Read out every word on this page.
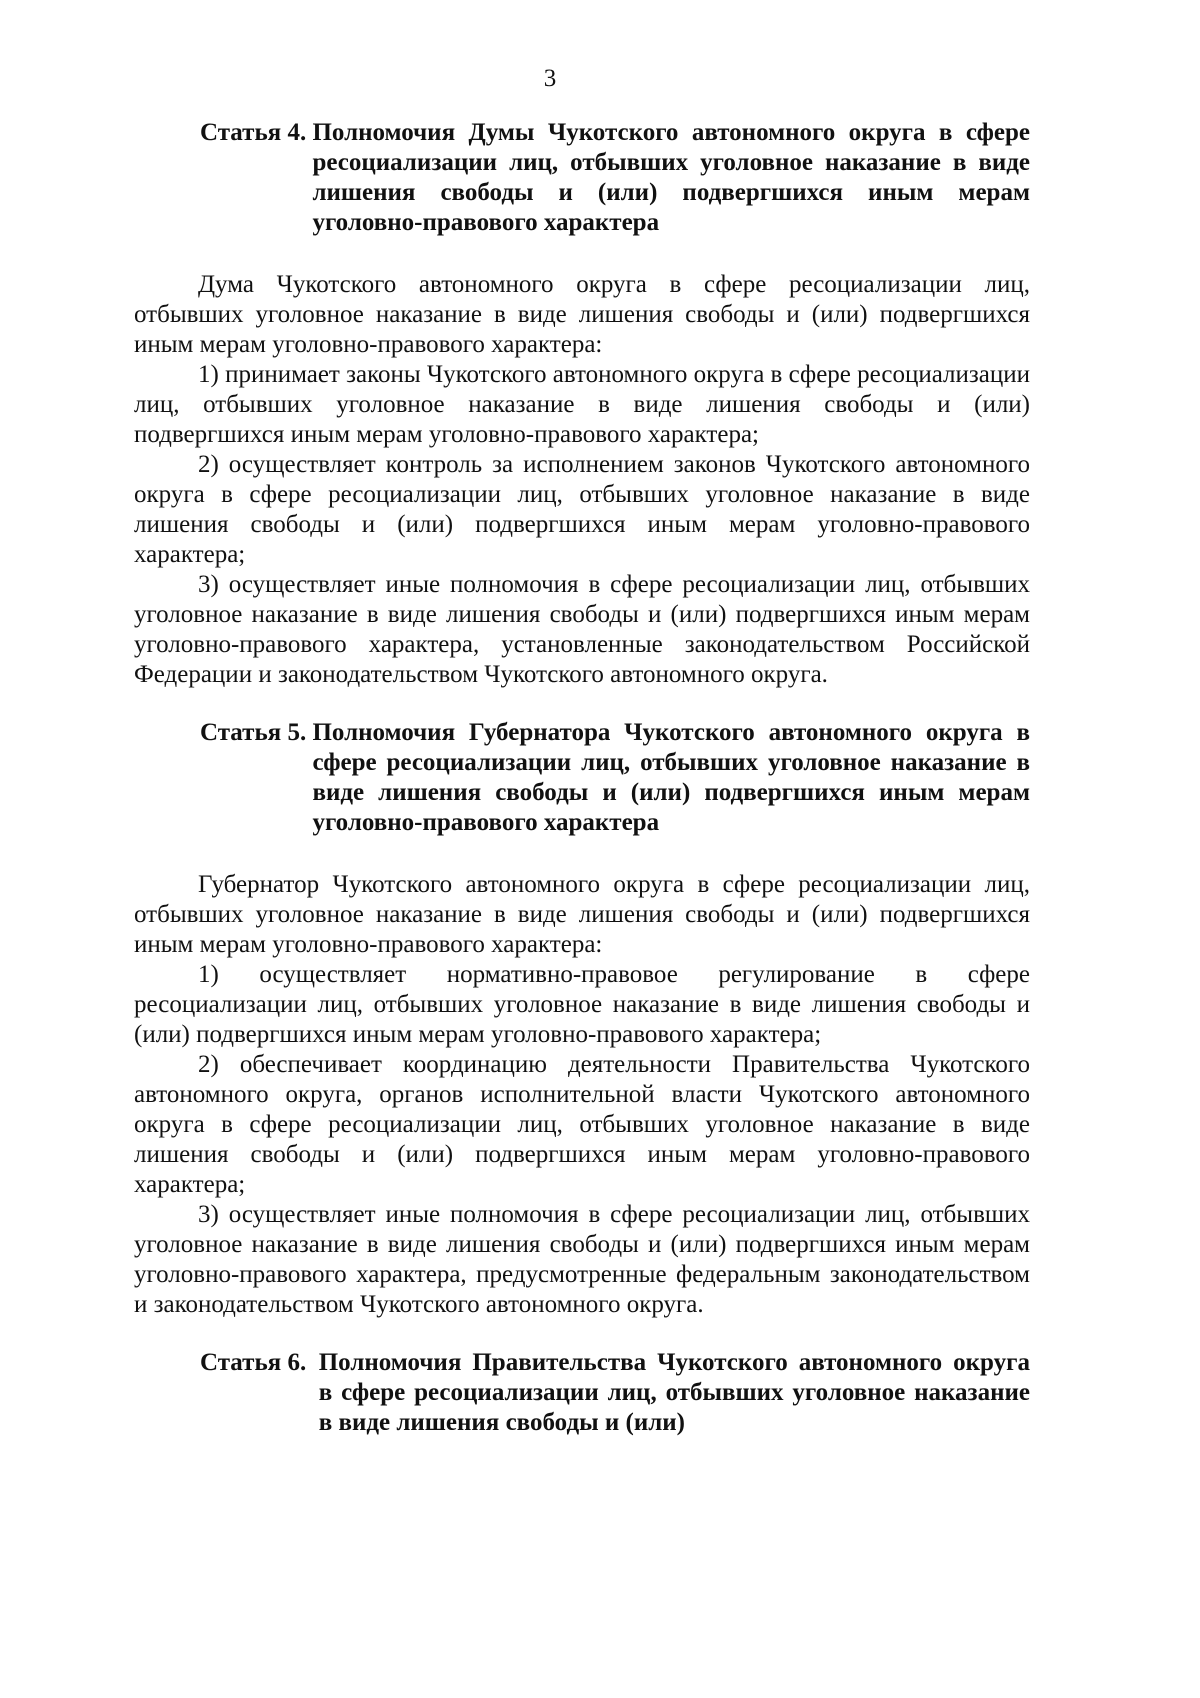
3
Статья 4.
Полномочия Думы Чукотского автономного округа в сфере ресоциализации лиц, отбывших уголовное наказание в виде лишения свободы и (или) подвергшихся иным мерам уголовно-правового характера

Дума Чукотского автономного округа в сфере ресоциализации лиц, отбывших уголовное наказание в виде лишения свободы и (или) подвергшихся иным мерам уголовно-правового характера:

1) принимает законы Чукотского автономного округа в сфере ресоциализации лиц, отбывших уголовное наказание в виде лишения свободы и (или) подвергшихся иным мерам уголовно-правового характера;

2) осуществляет контроль за исполнением законов Чукотского автономного округа в сфере ресоциализации лиц, отбывших уголовное наказание в виде лишения свободы и (или) подвергшихся иным мерам уголовно-правового характера;

3) осуществляет иные полномочия в сфере ресоциализации лиц, отбывших уголовное наказание в виде лишения свободы и (или) подвергшихся иным мерам уголовно-правового характера, установленные законодательством Российской Федерации и законодательством Чукотского автономного округа.

Статья 5.
Полномочия Губернатора Чукотского автономного округа в сфере ресоциализации лиц, отбывших уголовное наказание в виде лишения свободы и (или) подвергшихся иным мерам уголовно-правового характера

Губернатор Чукотского автономного округа в сфере ресоциализации лиц, отбывших уголовное наказание в виде лишения свободы и (или) подвергшихся иным мерам уголовно-правового характера:

1) осуществляет нормативно-правовое регулирование в сфере ресоциализации лиц, отбывших уголовное наказание в виде лишения свободы и (или) подвергшихся иным мерам уголовно-правового характера;

2) обеспечивает координацию деятельности Правительства Чукотского автономного округа, органов исполнительной власти Чукотского автономного округа в сфере ресоциализации лиц, отбывших уголовное наказание в виде лишения свободы и (или) подвергшихся иным мерам уголовно-правового характера;

3) осуществляет иные полномочия в сфере ресоциализации лиц, отбывших уголовное наказание в виде лишения свободы и (или) подвергшихся иным мерам уголовно-правового характера, предусмотренные федеральным законодательством и законодательством Чукотского автономного округа.

Статья 6.
Полномочия Правительства Чукотского автономного округа в сфере ресоциализации лиц, отбывших уголовное наказание в виде лишения свободы и (или)
